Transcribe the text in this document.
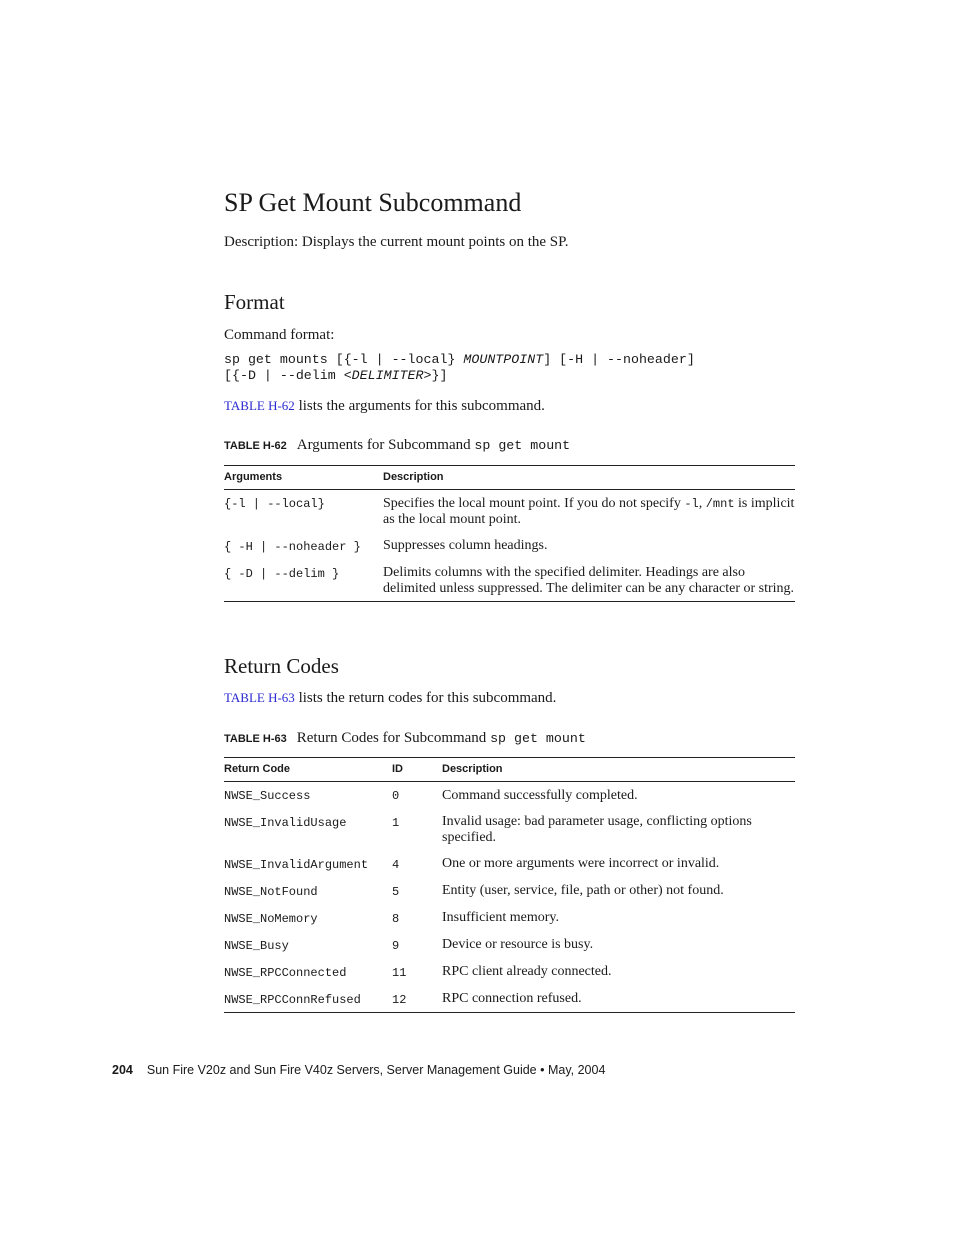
SP Get Mount Subcommand
Description: Displays the current mount points on the SP.
Format
Command format:
sp get mounts [{-l | --local} MOUNTPOINT] [-H | --noheader]
[{-D | --delim <DELIMITER>}]
TABLE H-62 lists the arguments for this subcommand.
TABLE H-62 Arguments for Subcommand sp get mount
Arguments	Description
{-l | --local}	Specifies the local mount point. If you do not specify -l, /mnt is implicit as the local mount point.
{ -H | --noheader }	Suppresses column headings.
{ -D | --delim }	Delimits columns with the specified delimiter. Headings are also delimited unless suppressed. The delimiter can be any character or string.
Return Codes
TABLE H-63 lists the return codes for this subcommand.
TABLE H-63 Return Codes for Subcommand sp get mount
Return Code	ID	Description
NWSE_Success	0	Command successfully completed.
NWSE_InvalidUsage	1	Invalid usage: bad parameter usage, conflicting options specified.
NWSE_InvalidArgument	4	One or more arguments were incorrect or invalid.
NWSE_NotFound	5	Entity (user, service, file, path or other) not found.
NWSE_NoMemory	8	Insufficient memory.
NWSE_Busy	9	Device or resource is busy.
NWSE_RPCConnected	11	RPC client already connected.
NWSE_RPCConnRefused	12	RPC connection refused.
204 Sun Fire V20z and Sun Fire V40z Servers, Server Management Guide • May, 2004
